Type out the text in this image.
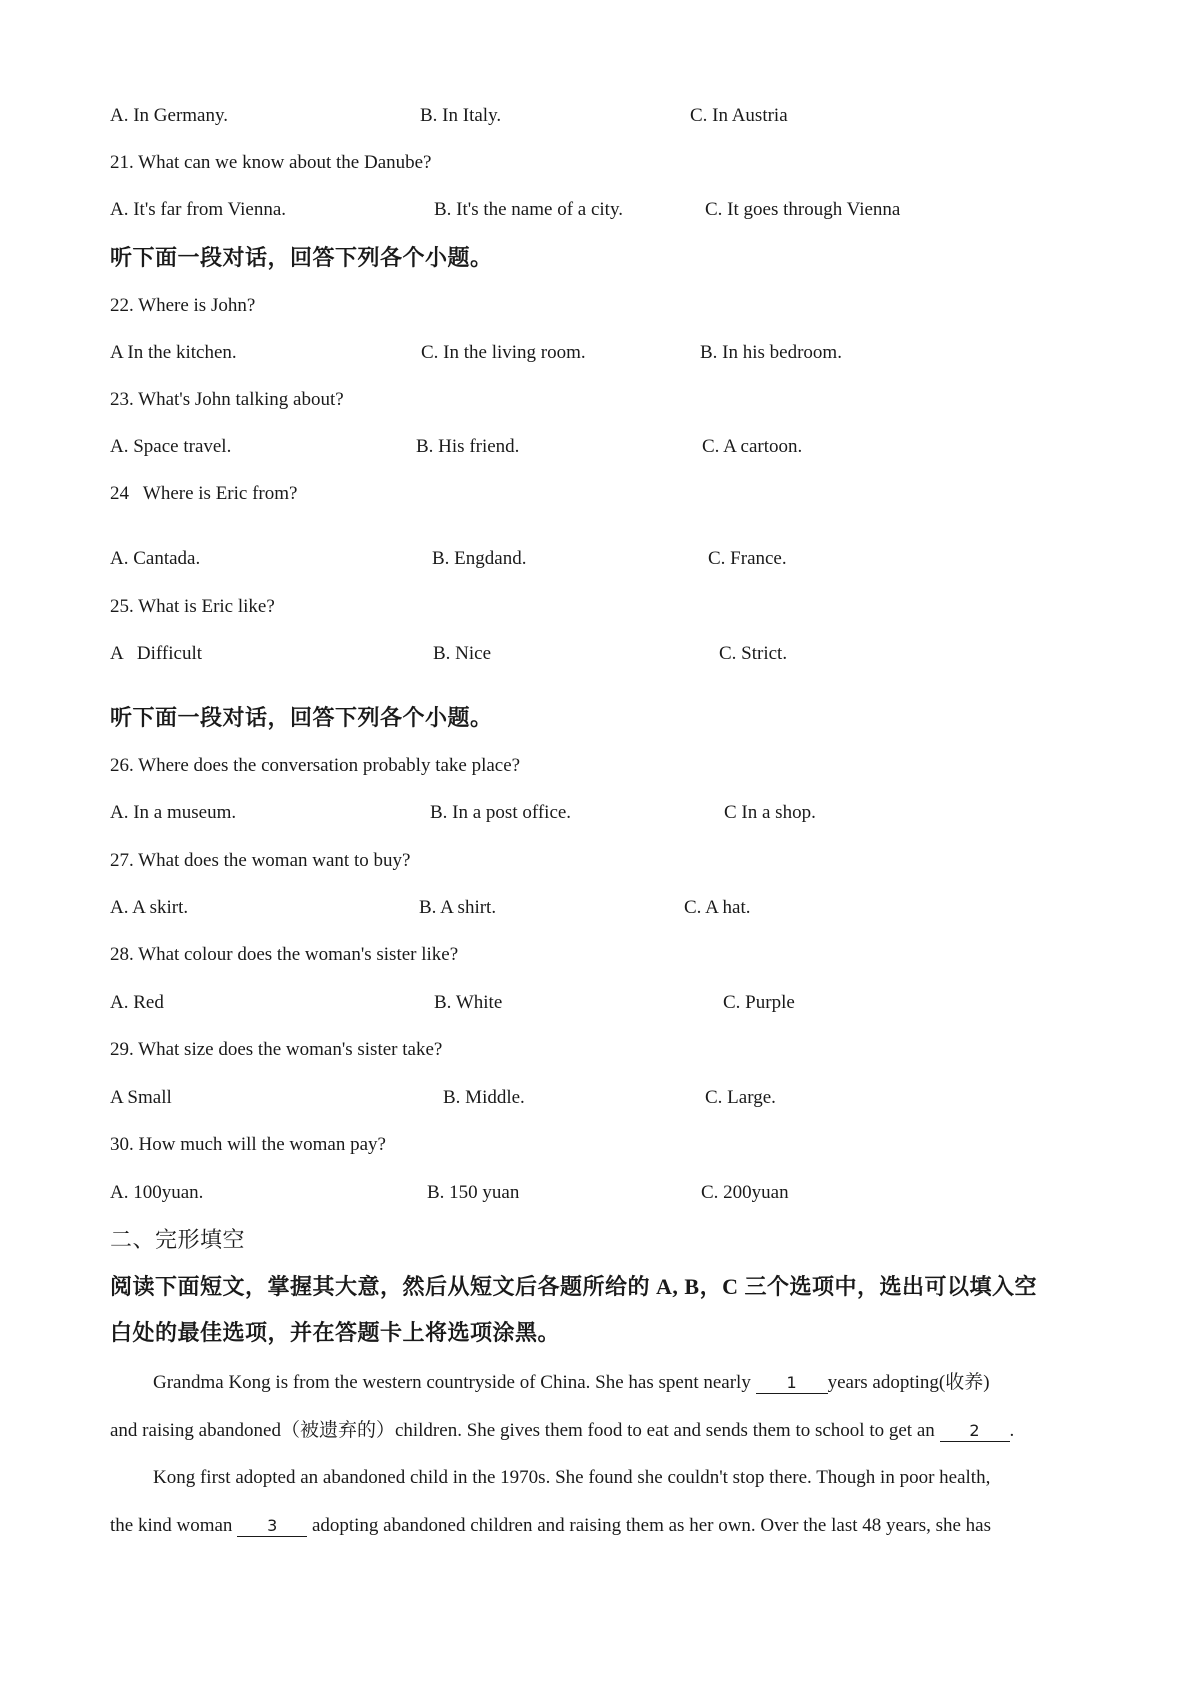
A. In Germany.	B. In Italy.	C. In Austria
21. What can we know about the Danube?
A. It's far from Vienna.	B. It's the name of a city.	C. It goes through Vienna
听下面一段对话，回答下列各个小题。
22. Where is John?
A In the kitchen.	C. In the living room.	B. In his bedroom.
23. What's John talking about?
A. Space travel.	B. His friend.	C. A cartoon.
24   Where is Eric from?
A. Cantada.	B. Engdand.	C. France.
25. What is Eric like?
A   Difficult	B. Nice	C. Strict.
听下面一段对话，回答下列各个小题。
26. Where does the conversation probably take place?
A. In a museum.	B. In a post office.	C In a shop.
27. What does the woman want to buy?
A. A skirt.	B. A shirt.	C. A hat.
28. What colour does the woman's sister like?
A. Red	B. White	C. Purple
29. What size does the woman's sister take?
A Small	B. Middle.	C. Large.
30. How much will the woman pay?
A. 100yuan.	B. 150 yuan	C. 200yuan
二、完形填空
阅读下面短文，掌握其大意，然后从短文后各题所给的 A, B，C 三个选项中，选出可以填入空
白处的最佳选项，并在答题卡上将选项涂黑。
Grandma Kong is from the western countryside of China. She has spent nearly 1 years adopting(收养)
and raising abandoned（被遗弃的）children. She gives them food to eat and sends them to school to get an 2 .
Kong first adopted an abandoned child in the 1970s. She found she couldn't stop there. Though in poor health,
the kind woman 3 adopting abandoned children and raising them as her own. Over the last 48 years, she has
